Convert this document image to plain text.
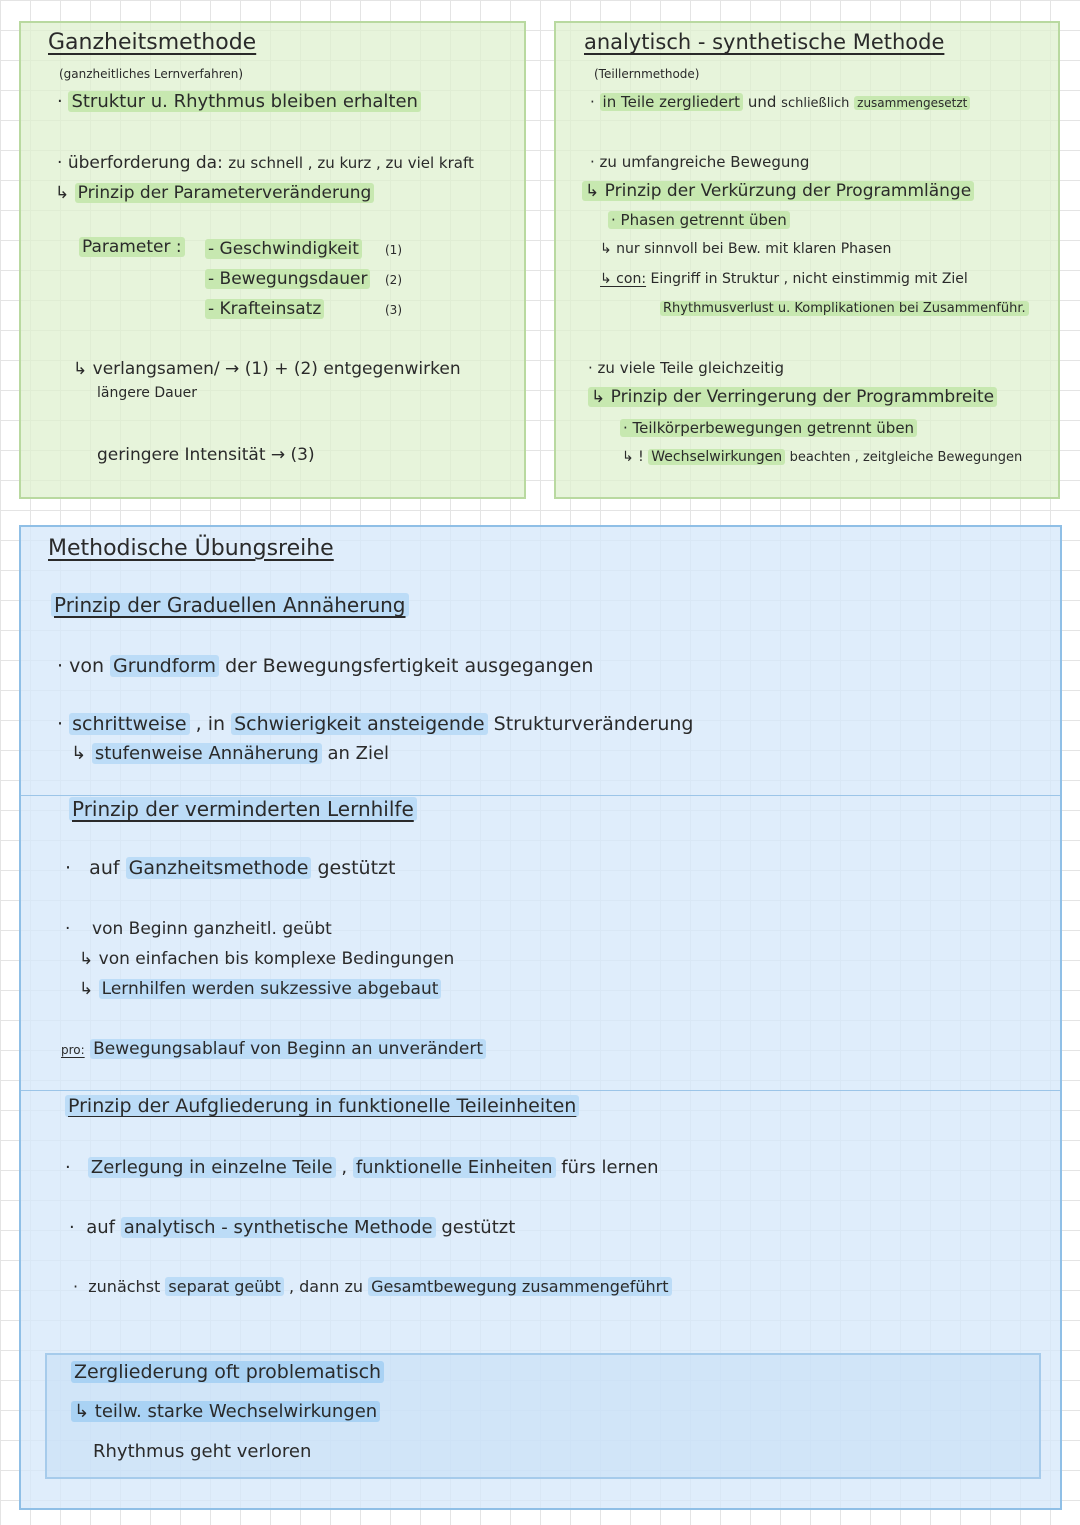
Ganzheitsmethode
(ganzheitliches Lernverfahren)
· Struktur u. Rhythmus bleiben erhalten
· überforderung da: zu schnell , zu kurz , zu viel kraft
↳ Prinzip der Parameterveränderung
Parameter : - Geschwindigkeit (1)
- Bewegungsdauer (2)
- Krafteinsatz	(3)
↳ verlangsamen/ → (1) + (2) entgegenwirken
längere Dauer
geringere Intensität → (3)
analytisch - synthetische Methode
(Teillernmethode)
· in Teile zergliedert und schließlich zusammengesetzt
· zu umfangreiche Bewegung
↳ Prinzip der Verkürzung der Programmlänge
· Phasen getrennt üben
↳ nur sinnvoll bei Bew. mit klaren Phasen
↳ con: Eingriff in Struktur , nicht einstimmig mit Ziel
Rhythmusverlust u. Komplikationen bei Zusammenführ.
· zu viele Teile gleichzeitig
↳ Prinzip der Verringerung der Programmbreite
· Teilkörperbewegungen getrennt üben
↳ ! Wechselwirkungen beachten , zeitgleiche Bewegungen
Methodische Übungsreihe
Prinzip der Graduellen Annäherung
· von Grundform der Bewegungsfertigkeit ausgegangen
· schrittweise , in Schwierigkeit ansteigende Strukturveränderung
↳ stufenweise Annäherung an Ziel
Prinzip der verminderten Lernhilfe
·   auf Ganzheitsmethode gestützt
·    von Beginn ganzheitl. geübt
↳ von einfachen bis komplexe Bedingungen
↳ Lernhilfen werden sukzessive abgebaut
pro: Bewegungsablauf von Beginn an unverändert
Prinzip der Aufgliederung in funktionelle Teileinheiten
·   Zerlegung in einzelne Teile , funktionelle Einheiten fürs lernen
·  auf analytisch - synthetische Methode gestützt
·  zunächst separat geübt , dann zu Gesamtbewegung zusammengeführt
Zergliederung oft problematisch
↳ teilw. starke Wechselwirkungen
Rhythmus geht verloren
